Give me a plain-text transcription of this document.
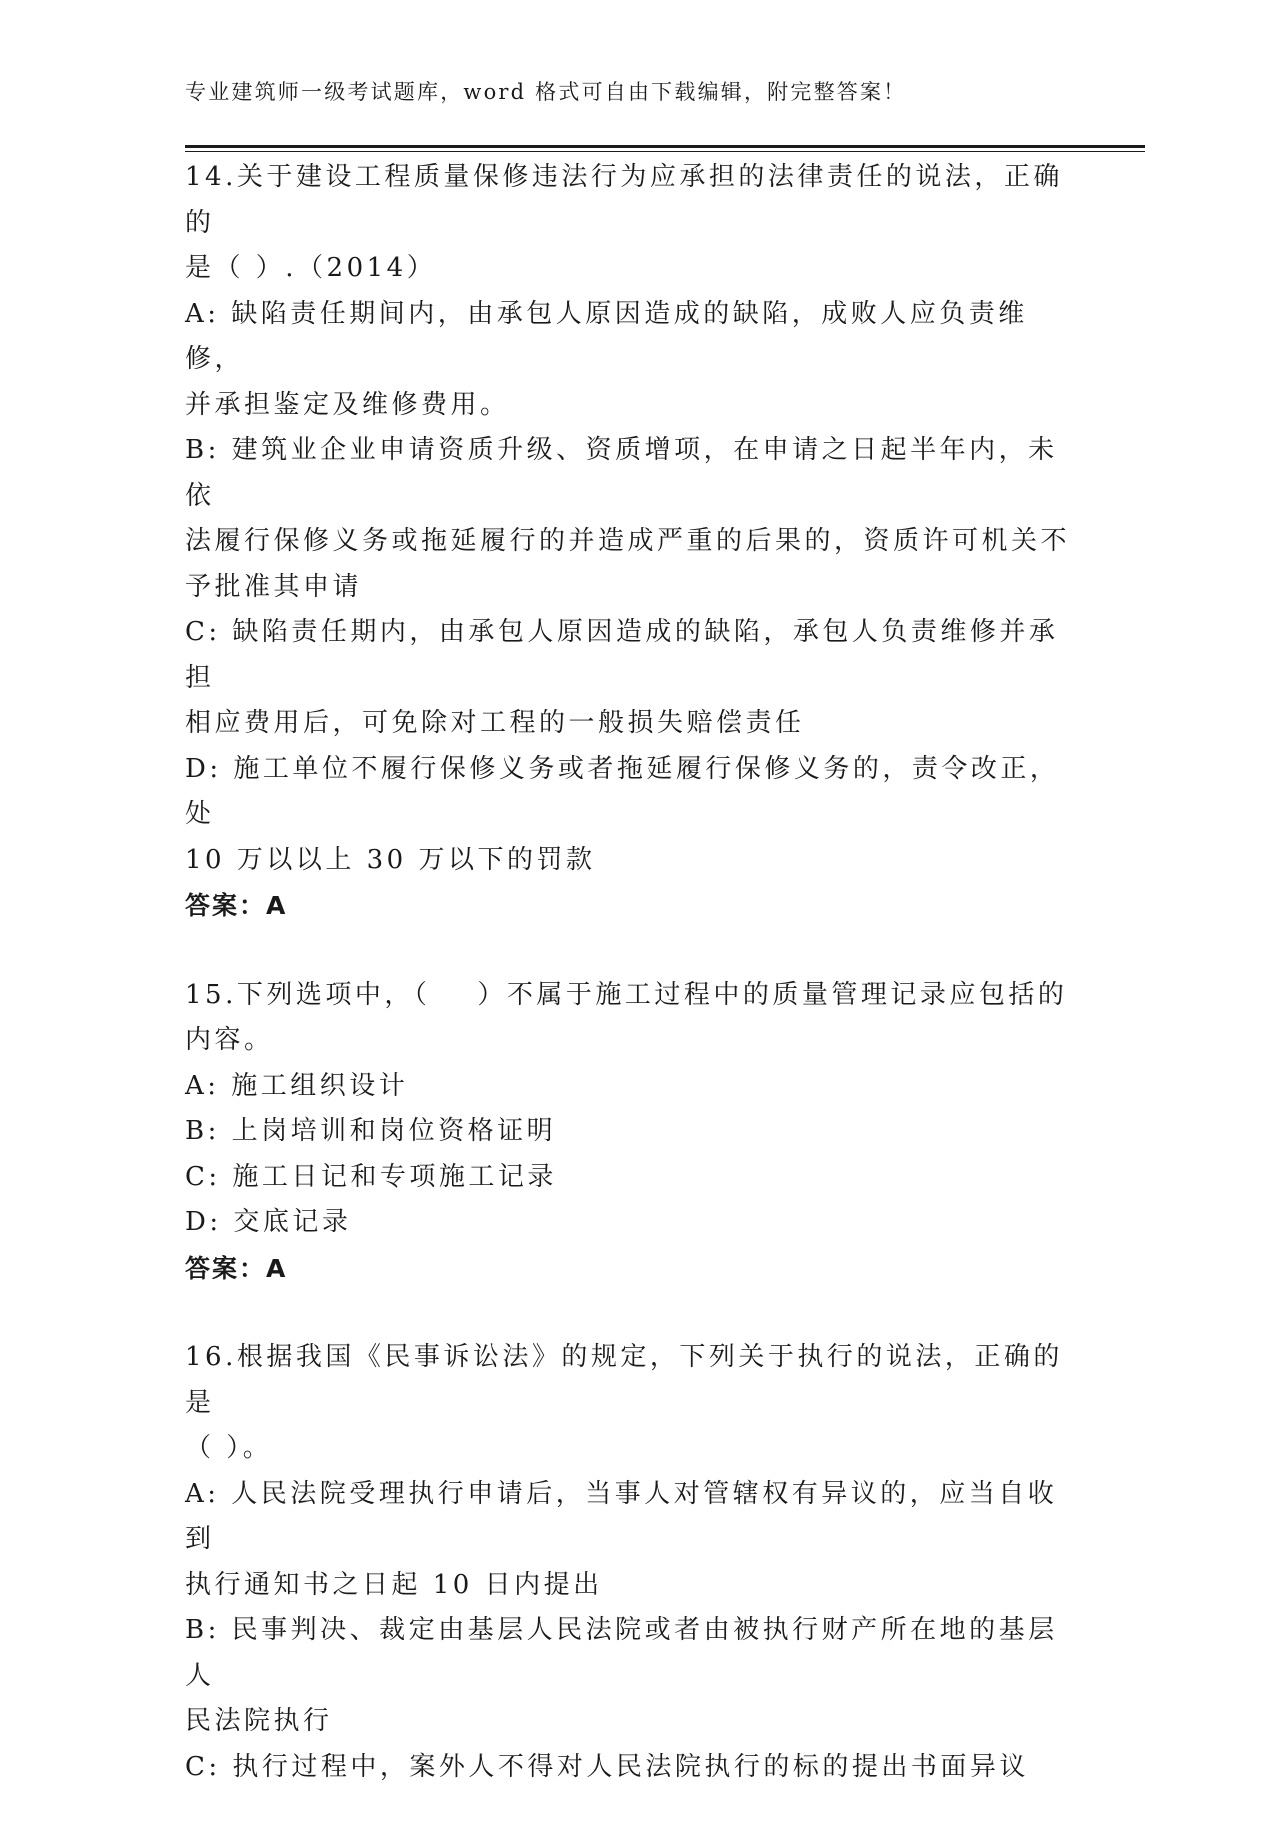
专业建筑师一级考试题库，word 格式可自由下载编辑，附完整答案！
14.关于建设工程质量保修违法行为应承担的法律责任的说法，正确的
是（ ）.（2014）
A: 缺陷责任期间内，由承包人原因造成的缺陷，成败人应负责维修，
并承担鉴定及维修费用。
B: 建筑业企业申请资质升级、资质增项，在申请之日起半年内，未依
法履行保修义务或拖延履行的并造成严重的后果的，资质许可机关不
予批准其申请
C: 缺陷责任期内，由承包人原因造成的缺陷，承包人负责维修并承担
相应费用后，可免除对工程的一般损失赔偿责任
D: 施工单位不履行保修义务或者拖延履行保修义务的，责令改正，处
10 万以以上 30 万以下的罚款
答案：A
15.下列选项中，（    ）不属于施工过程中的质量管理记录应包括的
内容。
A: 施工组织设计
B: 上岗培训和岗位资格证明
C: 施工日记和专项施工记录
D: 交底记录
答案：A
16.根据我国《民事诉讼法》的规定，下列关于执行的说法，正确的是
（ ）。
A: 人民法院受理执行申请后，当事人对管辖权有异议的，应当自收到
执行通知书之日起 10 日内提出
B: 民事判决、裁定由基层人民法院或者由被执行财产所在地的基层人
民法院执行
C: 执行过程中，案外人不得对人民法院执行的标的提出书面异议
